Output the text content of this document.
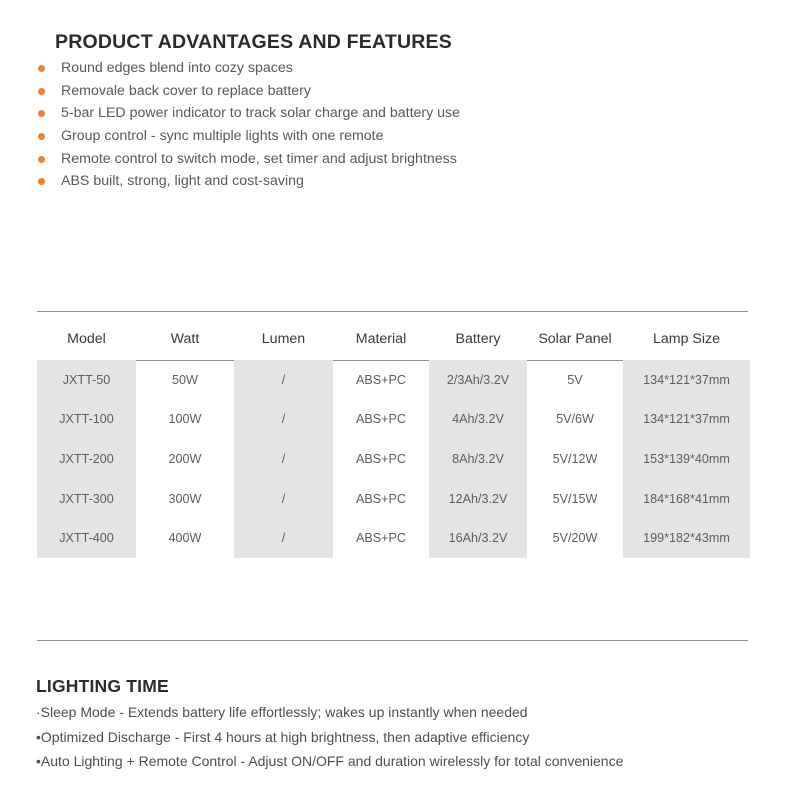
PRODUCT ADVANTAGES AND FEATURES
Round edges blend into cozy spaces
Removale back cover to replace battery
5-bar LED power indicator to track solar charge and battery use
Group control - sync multiple lights with one remote
Remote control to switch mode, set timer and adjust brightness
ABS built, strong, light and cost-saving
Model	Watt	Lumen	Material	Battery	Solar Panel	Lamp Size
JXTT-50	50W	/	ABS+PC	2/3Ah/3.2V	5V	134*121*37mm
JXTT-100	100W	/	ABS+PC	4Ah/3.2V	5V/6W	134*121*37mm
JXTT-200	200W	/	ABS+PC	8Ah/3.2V	5V/12W	153*139*40mm
JXTT-300	300W	/	ABS+PC	12Ah/3.2V	5V/15W	184*168*41mm
JXTT-400	400W	/	ABS+PC	16Ah/3.2V	5V/20W	199*182*43mm
LIGHTING TIME
·Sleep Mode - Extends battery life effortlessly; wakes up instantly when needed
•Optimized Discharge - First 4 hours at high brightness, then adaptive efficiency
•Auto Lighting + Remote Control - Adjust ON/OFF and duration wirelessly for total convenience
